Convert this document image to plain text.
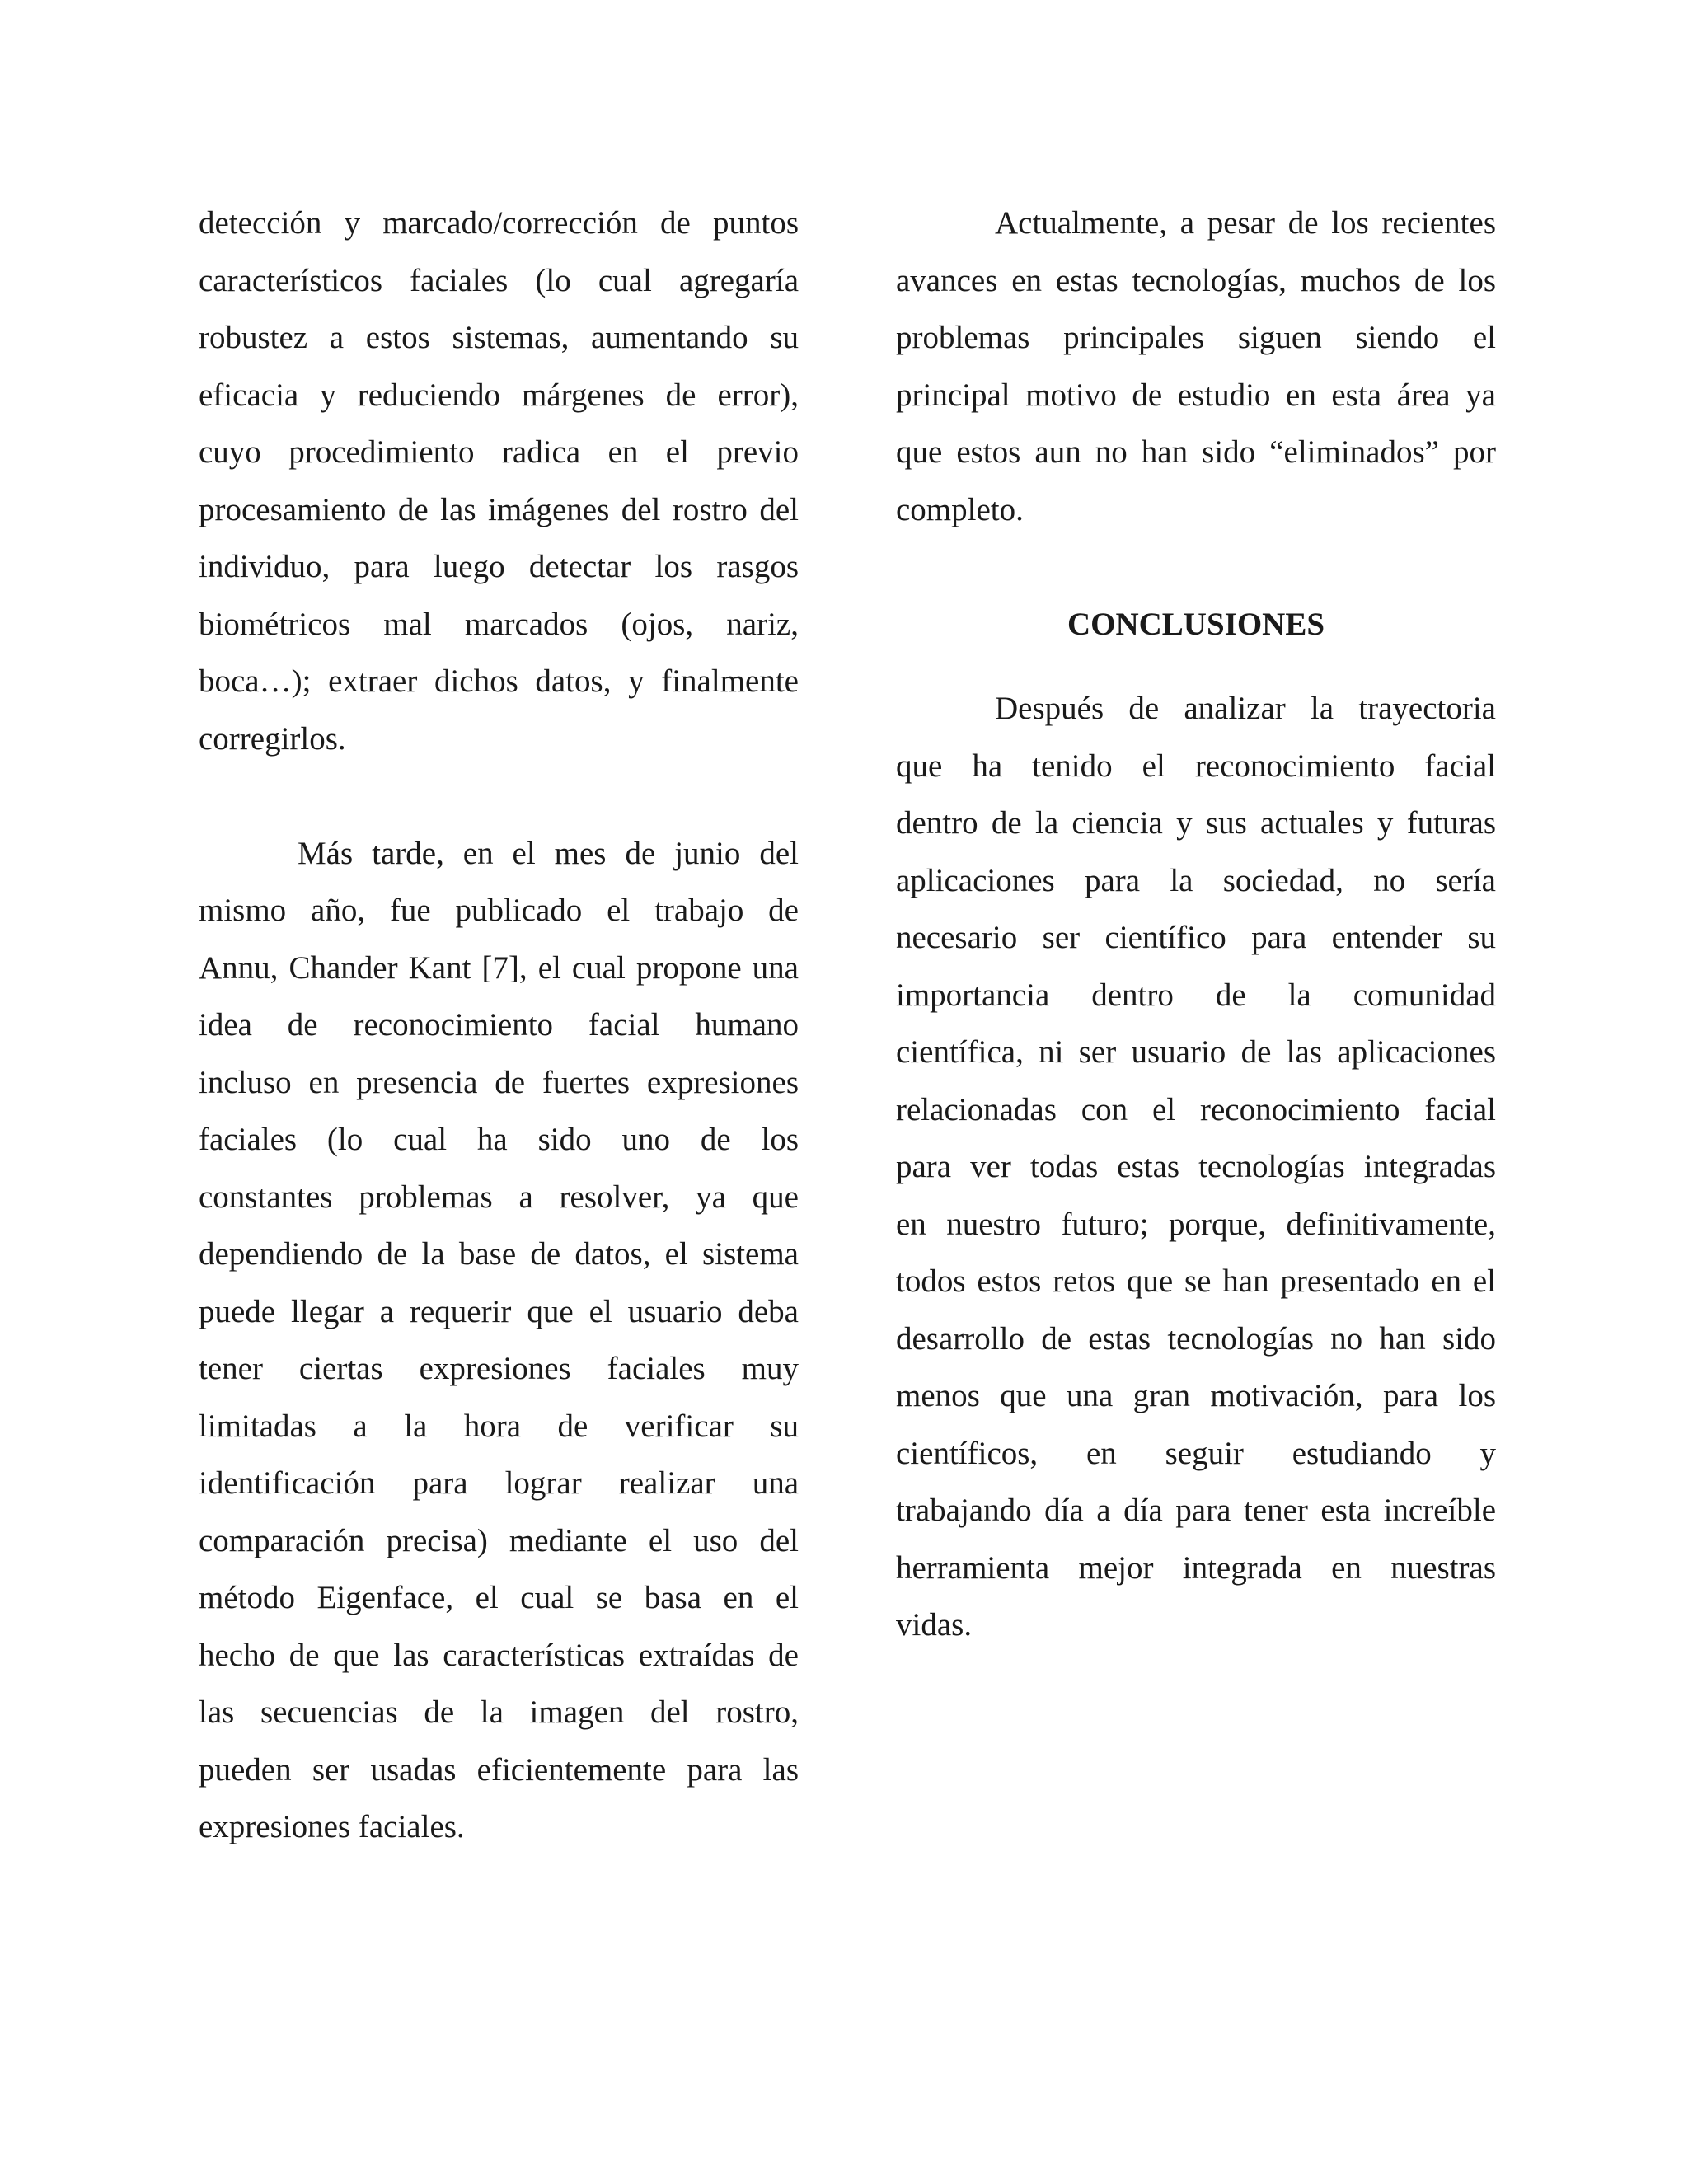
detección y marcado/corrección de puntos
característicos faciales (lo cual agregaría
robustez a estos sistemas, aumentando su
eficacia y reduciendo márgenes de error),
cuyo procedimiento radica en el previo
procesamiento de las imágenes del rostro del
individuo, para luego detectar los rasgos
biométricos mal marcados (ojos, nariz,
boca…); extraer dichos datos, y finalmente
corregirlos.
Más tarde, en el mes de junio del
mismo año, fue publicado el trabajo de
Annu, Chander Kant [7], el cual propone una
idea de reconocimiento facial humano
incluso en presencia de fuertes expresiones
faciales (lo cual ha sido uno de los
constantes problemas a resolver, ya que
dependiendo de la base de datos, el sistema
puede llegar a requerir que el usuario deba
tener ciertas expresiones faciales muy
limitadas a la hora de verificar su
identificación para lograr realizar una
comparación precisa) mediante el uso del
método Eigenface, el cual se basa en el
hecho de que las características extraídas de
las secuencias de la imagen del rostro,
pueden ser usadas eficientemente para las
expresiones faciales.
Actualmente, a pesar de los recientes
avances en estas tecnologías, muchos de los
problemas principales siguen siendo el
principal motivo de estudio en esta área ya
que estos aun no han sido “eliminados” por
completo.
CONCLUSIONES
Después de analizar la trayectoria
que ha tenido el reconocimiento facial
dentro de la ciencia y sus actuales y futuras
aplicaciones para la sociedad, no sería
necesario ser científico para entender su
importancia dentro de la comunidad
científica, ni ser usuario de las aplicaciones
relacionadas con el reconocimiento facial
para ver todas estas tecnologías integradas
en nuestro futuro; porque, definitivamente,
todos estos retos que se han presentado en el
desarrollo de estas tecnologías no han sido
menos que una gran motivación, para los
científicos, en seguir estudiando y
trabajando día a día para tener esta increíble
herramienta mejor integrada en nuestras
vidas.
